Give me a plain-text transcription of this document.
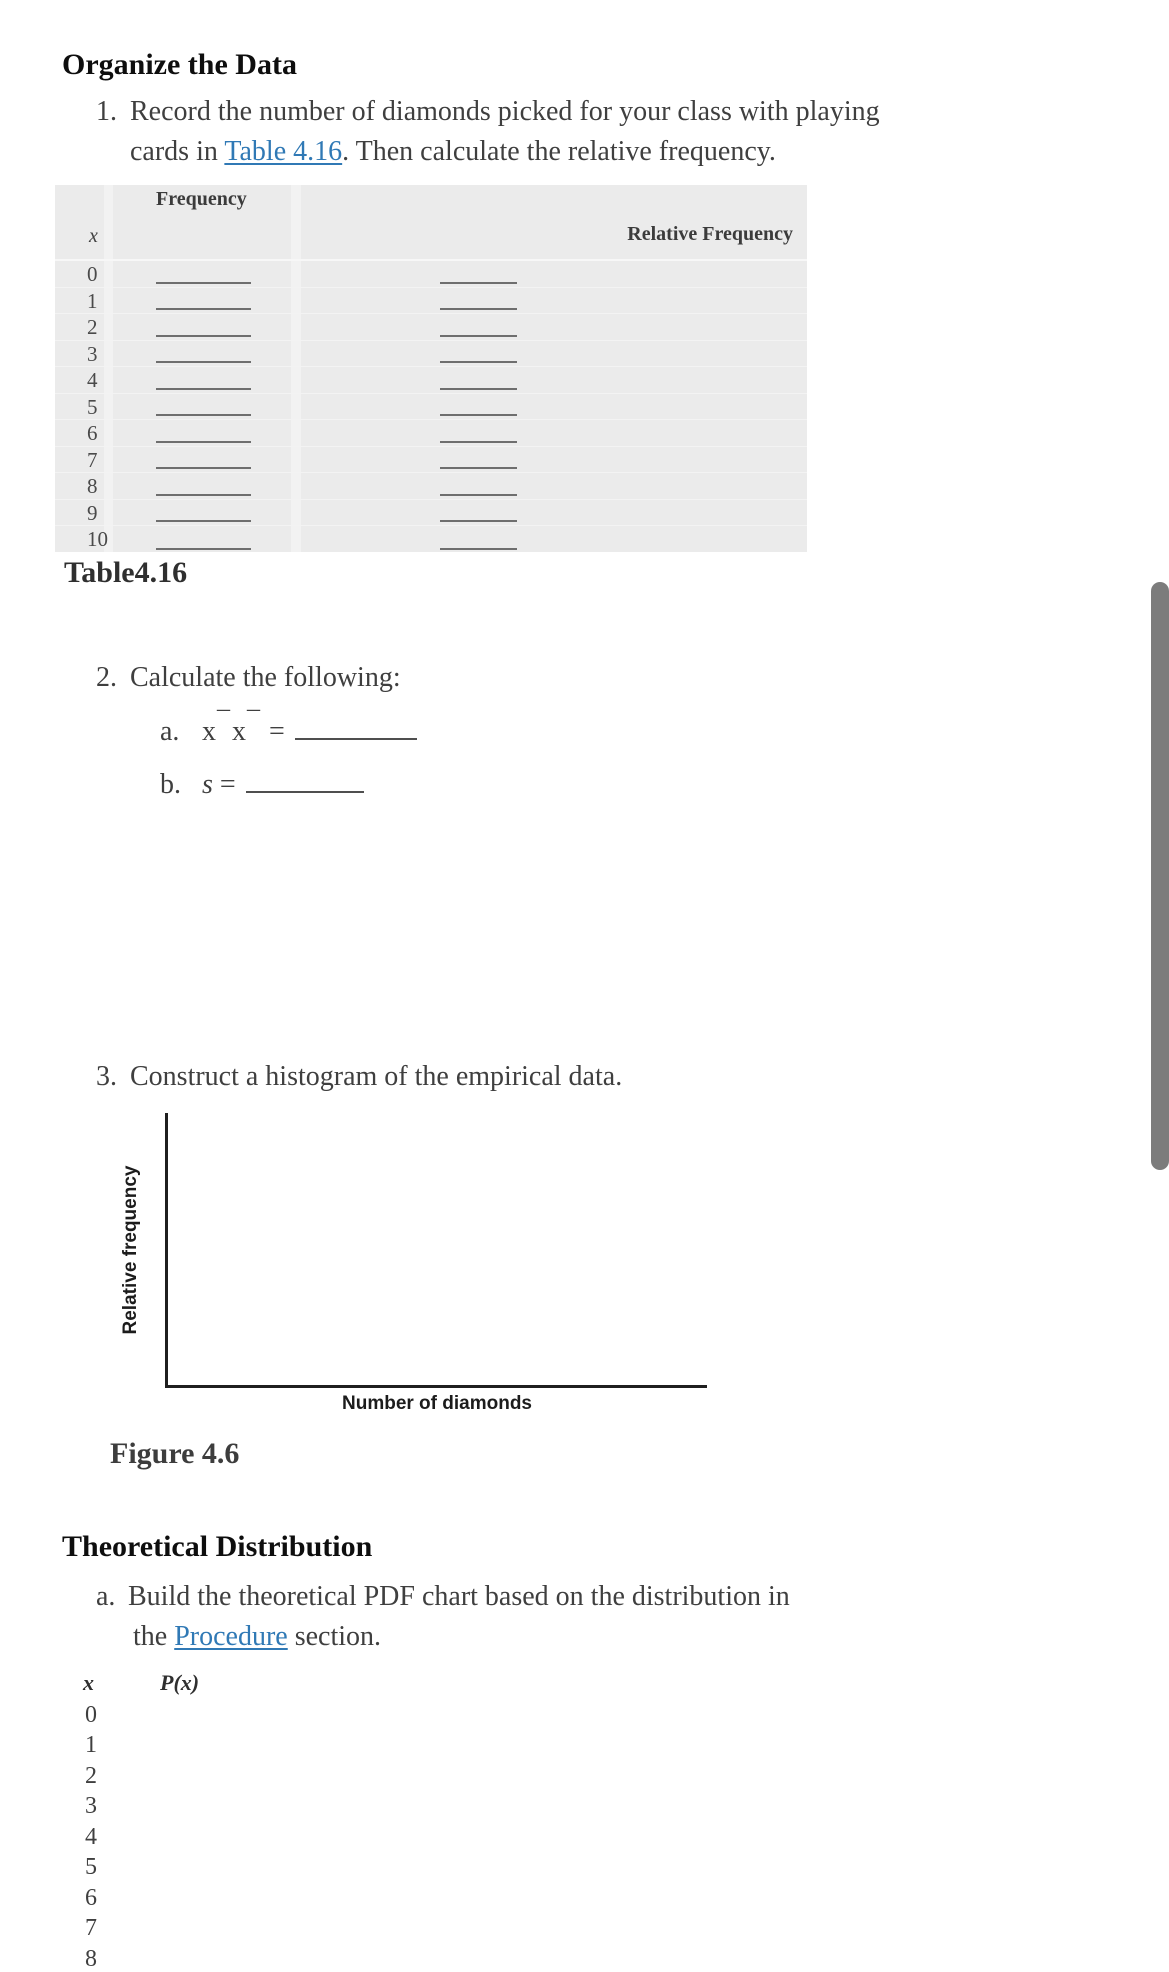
Organize the Data
1. Record the number of diamonds picked for your class with playing
cards in Table 4.16. Then calculate the relative frequency.
Frequency
x	Relative Frequency
0
1
2
3
4
5
6
7
8
9
10
Table4.16
2. Calculate the following:
a. x¯x¯ =
b. s =
3. Construct a histogram of the empirical data.
Relative frequency
Number of diamonds
Figure 4.6
Theoretical Distribution
a. Build the theoretical PDF chart based on the distribution in
the Procedure section.
x	P(x)
0
1
2
3
4
5
6
7
8
